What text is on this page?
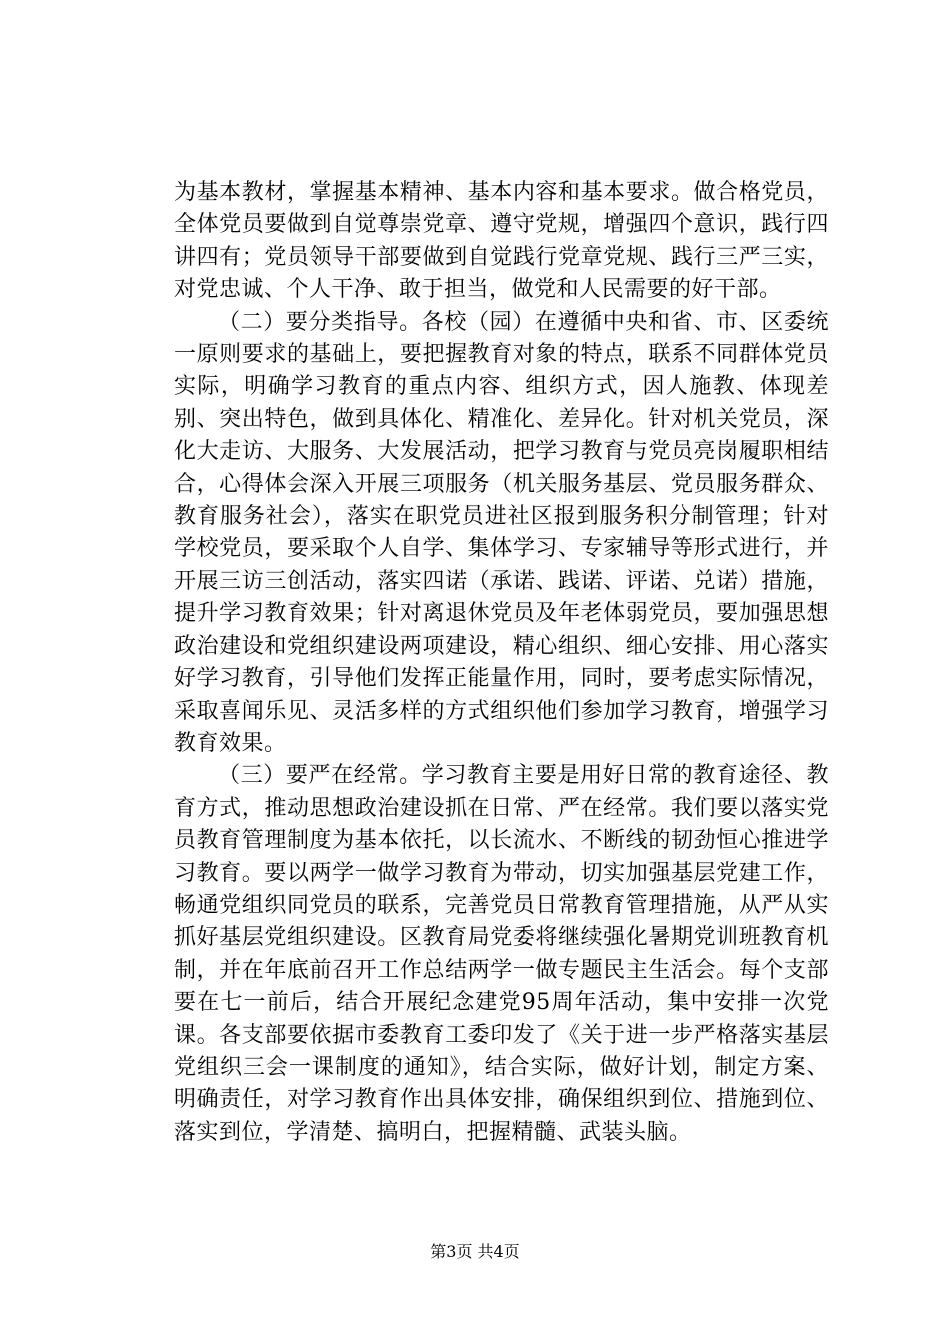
为基本教材，掌握基本精神、基本内容和基本要求。做合格党员，全体党员要做到自觉尊崇党章、遵守党规，增强四个意识，践行四讲四有；党员领导干部要做到自觉践行党章党规、践行三严三实，对党忠诚、个人干净、敢于担当，做党和人民需要的好干部。

（二）要分类指导。各校（园）在遵循中央和省、市、区委统一原则要求的基础上，要把握教育对象的特点，联系不同群体党员实际，明确学习教育的重点内容、组织方式，因人施教、体现差别、突出特色，做到具体化、精准化、差异化。针对机关党员，深化大走访、大服务、大发展活动，把学习教育与党员亮岗履职相结合，心得体会深入开展三项服务（机关服务基层、党员服务群众、教育服务社会），落实在职党员进社区报到服务积分制管理；针对学校党员，要采取个人自学、集体学习、专家辅导等形式进行，并开展三访三创活动，落实四诺（承诺、践诺、评诺、兑诺）措施，提升学习教育效果；针对离退休党员及年老体弱党员，要加强思想政治建设和党组织建设两项建设，精心组织、细心安排、用心落实好学习教育，引导他们发挥正能量作用，同时，要考虑实际情况，采取喜闻乐见、灵活多样的方式组织他们参加学习教育，增强学习教育效果。

（三）要严在经常。学习教育主要是用好日常的教育途径、教育方式，推动思想政治建设抓在日常、严在经常。我们要以落实党员教育管理制度为基本依托，以长流水、不断线的韧劲恒心推进学习教育。要以两学一做学习教育为带动，切实加强基层党建工作，畅通党组织同党员的联系，完善党员日常教育管理措施，从严从实抓好基层党组织建设。区教育局党委将继续强化暑期党训班教育机制，并在年底前召开工作总结两学一做专题民主生活会。每个支部要在七一前后，结合开展纪念建党95周年活动，集中安排一次党课。各支部要依据市委教育工委印发了《关于进一步严格落实基层党组织三会一课制度的通知》，结合实际，做好计划，制定方案、明确责任，对学习教育作出具体安排，确保组织到位、措施到位、落实到位，学清楚、搞明白，把握精髓、武装头脑。

第3页 共4页
